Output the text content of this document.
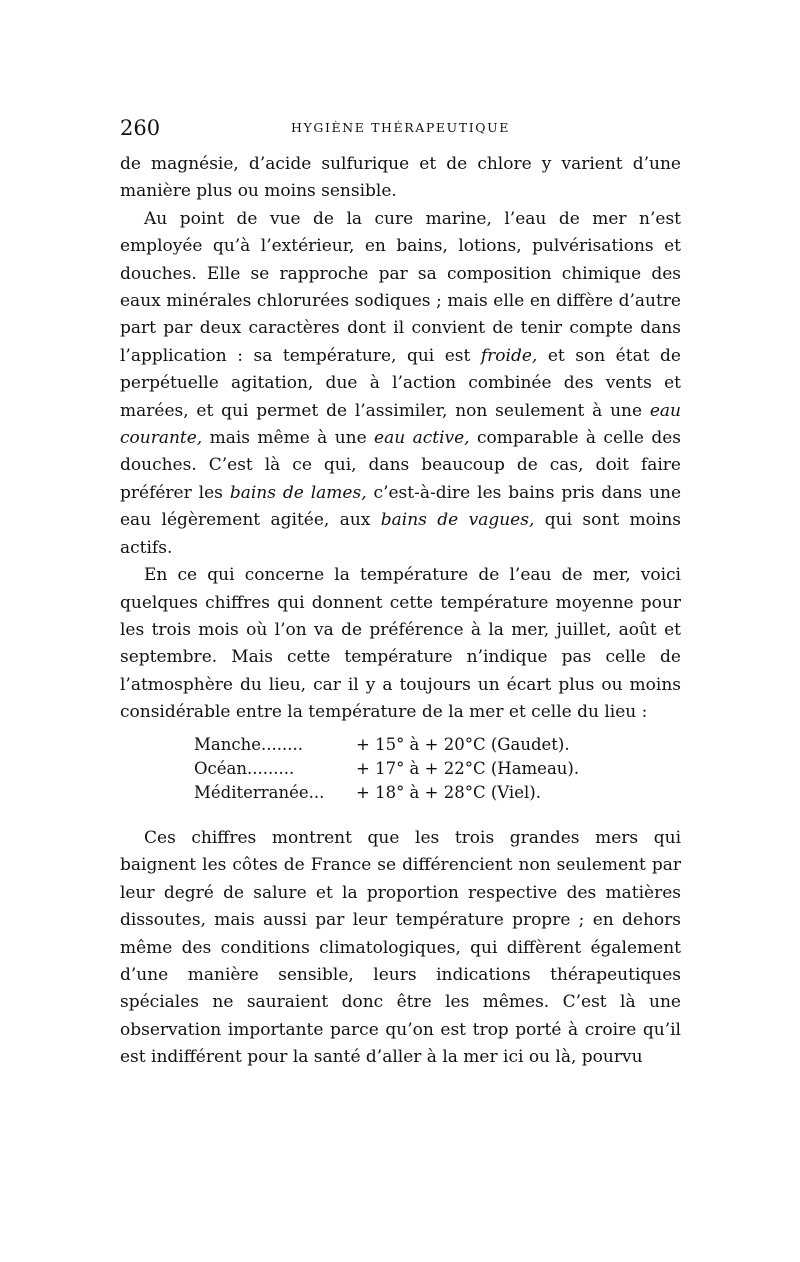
260	HYGIÈNE THÉRAPEUTIQUE

de magnésie, d’acide sulfurique et de chlore y varient d’une manière plus ou moins sensible.

Au point de vue de la cure marine, l’eau de mer n’est employée qu’à l’extérieur, en bains, lotions, pulvérisations et douches. Elle se rapproche par sa composition chimique des eaux minérales chlorurées sodiques ; mais elle en diffère d’autre part par deux caractères dont il convient de tenir compte dans l’application : sa température, qui est froide, et son état de perpétuelle agitation, due à l’action combinée des vents et marées, et qui permet de l’assimiler, non seulement à une eau courante, mais même à une eau active, comparable à celle des douches. C’est là ce qui, dans beaucoup de cas, doit faire préférer les bains de lames, c’est-à-dire les bains pris dans une eau légèrement agitée, aux bains de vagues, qui sont moins actifs.

En ce qui concerne la température de l’eau de mer, voici quelques chiffres qui donnent cette température moyenne pour les trois mois où l’on va de préférence à la mer, juillet, août et septembre. Mais cette température n’indique pas celle de l’atmosphère du lieu, car il y a toujours un écart plus ou moins considérable entre la température de la mer et celle du lieu :

Manche........	+ 15° à + 20° C (Gaudet).
Océan.........	+ 17° à + 22° C (Hameau).
Méditerranée...	+ 18° à + 28° C (Viel).

Ces chiffres montrent que les trois grandes mers qui baignent les côtes de France se différencient non seulement par leur degré de salure et la proportion respective des matières dissoutes, mais aussi par leur température propre ; en dehors même des conditions climatologiques, qui diffèrent également d’une manière sensible, leurs indications thérapeutiques spéciales ne sauraient donc être les mêmes. C’est là une observation importante parce qu’on est trop porté à croire qu’il est indifférent pour la santé d’aller à la mer ici ou là, pourvu
